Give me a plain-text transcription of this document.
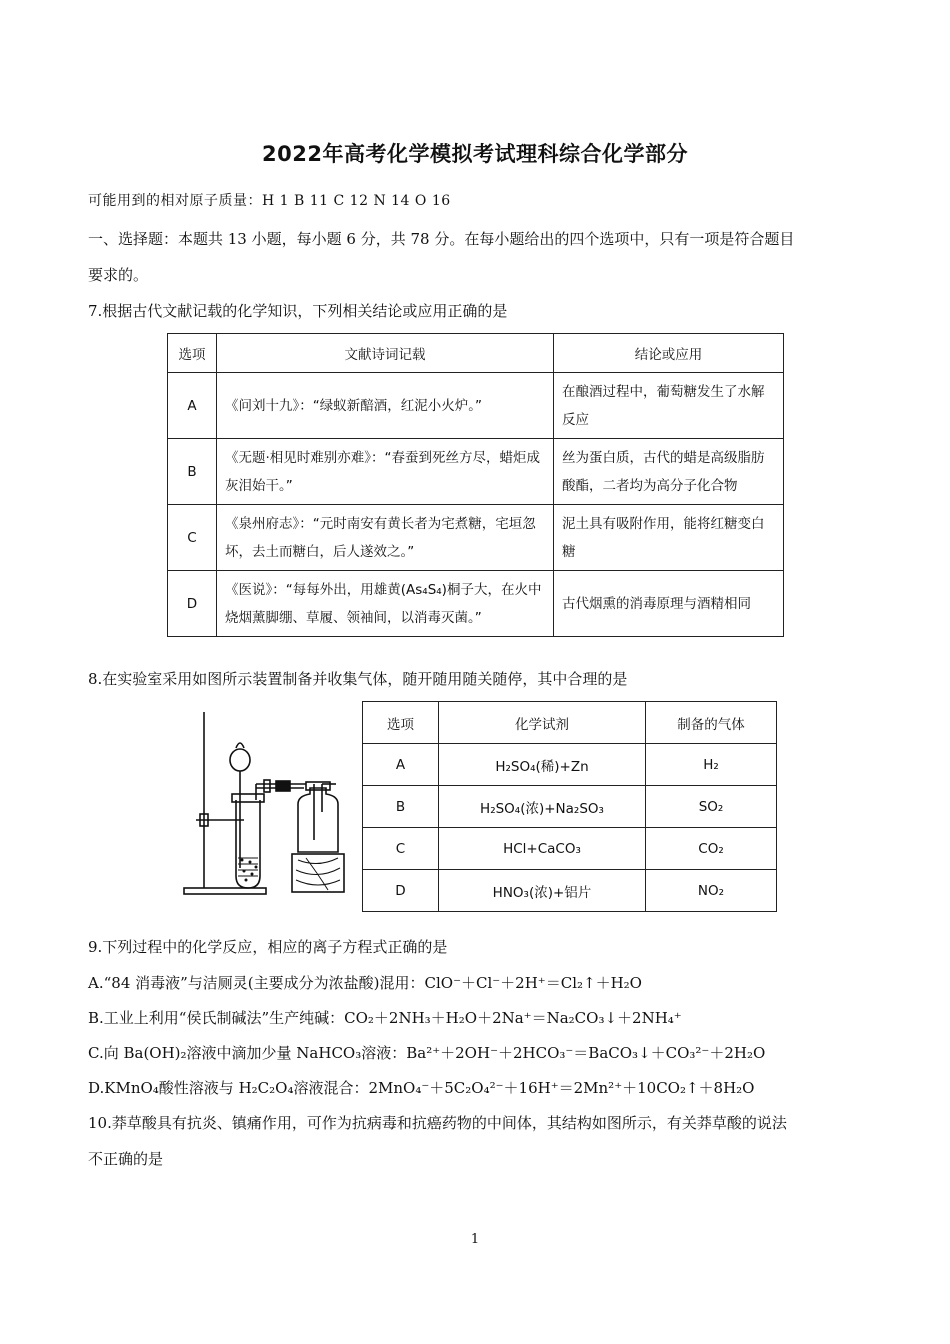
2022年高考化学模拟考试理科综合化学部分
可能用到的相对原子质量：H 1 B 11 C 12 N 14 O 16
一、选择题：本题共 13 小题，每小题 6 分，共 78 分。在每小题给出的四个选项中，只有一项是符合题目
要求的。
7.根据古代文献记载的化学知识，下列相关结论或应用正确的是
选项	文献诗词记载	结论或应用
A	《问刘十九》：“绿蚁新醅酒，红泥小火炉。”	在酿酒过程中，葡萄糖发生了水解反应
B	《无题·相见时难别亦难》：“春蚕到死丝方尽，蜡炬成灰泪始干。”	丝为蛋白质，古代的蜡是高级脂肪酸酯，二者均为高分子化合物
C	《泉州府志》：“元时南安有黄长者为宅煮糖，宅垣忽坏，去土而糖白，后人遂效之。”	泥土具有吸附作用，能将红糖变白糖
D	《医说》：“每每外出，用雄黄(As₄S₄)桐子大，在火中烧烟薰脚绷、草履、领袖间，以消毒灭菌。”	古代烟熏的消毒原理与酒精相同
8.在实验室采用如图所示装置制备并收集气体，随开随用随关随停，其中合理的是
选项	化学试剂	制备的气体
A	H₂SO₄(稀)+Zn	H₂
B	H₂SO₄(浓)+Na₂SO₃	SO₂
C	HCl+CaCO₃	CO₂
D	HNO₃(浓)+铝片	NO₂
9.下列过程中的化学反应，相应的离子方程式正确的是
A.“84 消毒液”与洁厕灵(主要成分为浓盐酸)混用：ClO⁻＋Cl⁻＋2H⁺＝Cl₂↑＋H₂O
B.工业上利用“侯氏制碱法”生产纯碱：CO₂＋2NH₃＋H₂O＋2Na⁺＝Na₂CO₃↓＋2NH₄⁺
C.向 Ba(OH)₂溶液中滴加少量 NaHCO₃溶液：Ba²⁺＋2OH⁻＋2HCO₃⁻＝BaCO₃↓＋CO₃²⁻＋2H₂O
D.KMnO₄酸性溶液与 H₂C₂O₄溶液混合：2MnO₄⁻＋5C₂O₄²⁻＋16H⁺＝2Mn²⁺＋10CO₂↑＋8H₂O
10.莽草酸具有抗炎、镇痛作用，可作为抗病毒和抗癌药物的中间体，其结构如图所示，有关莽草酸的说法
不正确的是
1
